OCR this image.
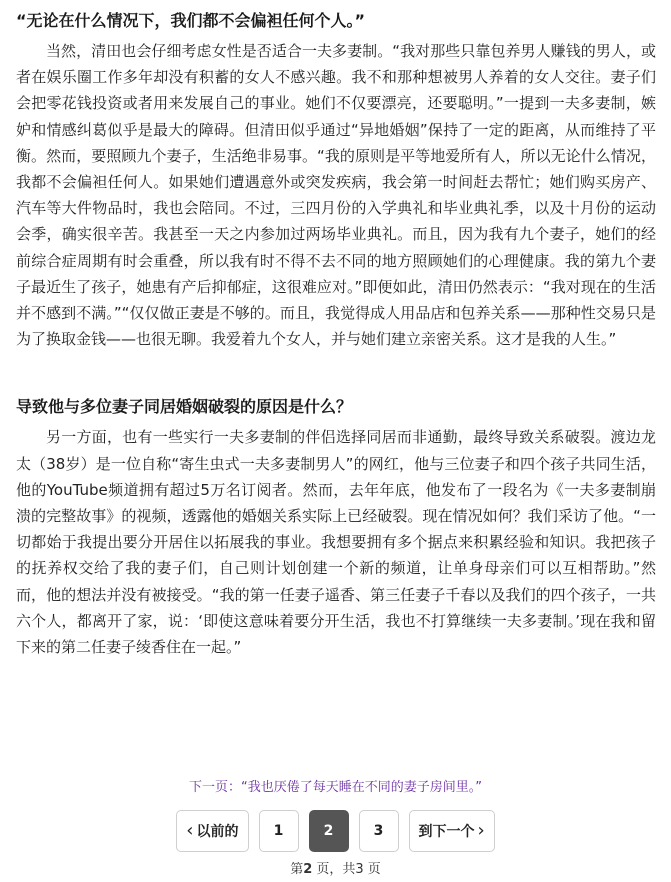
“无论在什么情况下，我们都不会偏袒任何个人。”

当然，清田也会仔细考虑女性是否适合一夫多妻制。“我对那些只靠包养男人赚钱的男人，或者在娱乐圈工作多年却没有积蓄的女人不感兴趣。我不和那种想被男人养着的女人交往。妻子们会把零花钱投资或者用来发展自己的事业。她们不仅要漂亮，还要聪明。”一提到一夫多妻制，嫉妒和情感纠葛似乎是最大的障碍。但清田似乎通过“异地婚姻”保持了一定的距离，从而维持了平衡。然而，要照顾九个妻子，生活绝非易事。“我的原则是平等地爱所有人，所以无论什么情况，我都不会偏袒任何人。如果她们遭遇意外或突发疾病，我会第一时间赶去帮忙；她们购买房产、汽车等大件物品时，我也会陪同。不过，三四月份的入学典礼和毕业典礼季，以及十月份的运动会季，确实很辛苦。我甚至一天之内参加过两场毕业典礼。而且，因为我有九个妻子，她们的经前综合症周期有时会重叠，所以我有时不得不去不同的地方照顾她们的心理健康。我的第九个妻子最近生了孩子，她患有产后抑郁症，这很难应对。”即便如此，清田仍然表示：“我对现在的生活并不感到不满。”“仅仅做正妻是不够的。而且，我觉得成人用品店和包养关系——那种性交易只是为了换取金钱——也很无聊。我爱着九个女人，并与她们建立亲密关系。这才是我的人生。”

导致他与多位妻子同居婚姻破裂的原因是什么？

另一方面，也有一些实行一夫多妻制的伴侣选择同居而非通勤，最终导致关系破裂。渡边龙太（38岁）是一位自称“寄生虫式一夫多妻制男人”的网红，他与三位妻子和四个孩子共同生活，他的YouTube频道拥有超过5万名订阅者。然而，去年年底，他发布了一段名为《一夫多妻制崩溃的完整故事》的视频，透露他的婚姻关系实际上已经破裂。现在情况如何？我们采访了他。“一切都始于我提出要分开居住以拓展我的事业。我想要拥有多个据点来积累经验和知识。我把孩子的抚养权交给了我的妻子们，自己则计划创建一个新的频道，让单身母亲们可以互相帮助。”然而，他的想法并没有被接受。“我的第一任妻子遥香、第三任妻子千春以及我们的四个孩子，一共六个人，都离开了家，说：‘即使这意味着要分开生活，我也不打算继续一夫多妻制。’现在我和留下来的第二任妻子绫香住在一起。”

下一页：“我也厌倦了每天睡在不同的妻子房间里。”
‹ 以前的	1	2	3	到下一个 ›
第2 页，共3 页
